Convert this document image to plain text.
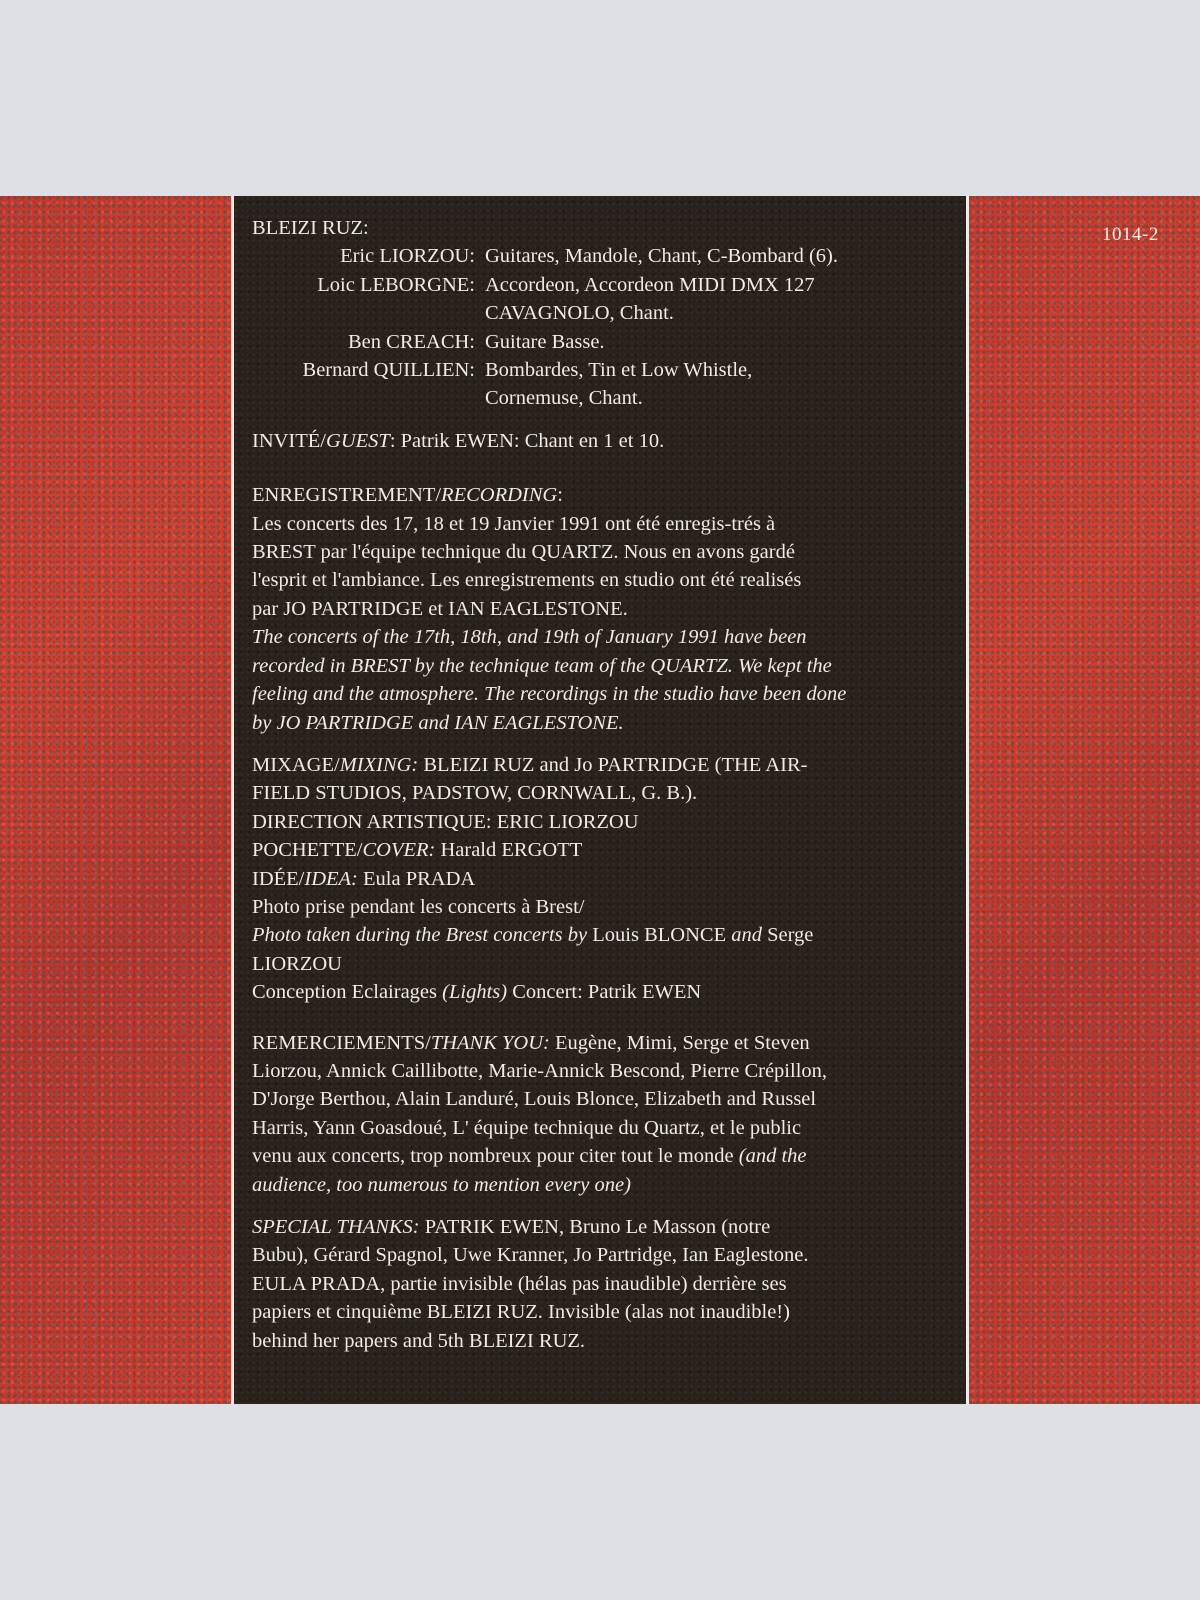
BLEIZI RUZ:

Eric LIORZOU: Guitares, Mandole, Chant, C-Bombard (6).
Loic LEBORGNE: Accordeon, Accordeon MIDI DMX 127
CAVAGNOLO, Chant.
Ben CREACH: Guitare Basse.
Bernard QUILLIEN: Bombardes, Tin et Low Whistle,
Cornemuse, Chant.

INVITÉ/GUEST: Patrik EWEN: Chant en 1 et 10.

ENREGISTREMENT/RECORDING:

Les concerts des 17, 18 et 19 Janvier 1991 ont été enregis-trés à

BREST par l'équipe technique du QUARTZ. Nous en avons gardé

l'esprit et l'ambiance. Les enregistrements en studio ont été realisés

par JO PARTRIDGE et IAN EAGLESTONE.

The concerts of the 17th, 18th, and 19th of January 1991 have been

recorded in BREST by the technique team of the QUARTZ. We kept the

feeling and the atmosphere. The recordings in the studio have been done

by JO PARTRIDGE and IAN EAGLESTONE.

MIXAGE/MIXING: BLEIZI RUZ and Jo PARTRIDGE (THE AIR-

FIELD STUDIOS, PADSTOW, CORNWALL, G. B.).

DIRECTION ARTISTIQUE: ERIC LIORZOU

POCHETTE/COVER: Harald ERGOTT

IDÉE/IDEA: Eula PRADA

Photo prise pendant les concerts à Brest/

Photo taken during the Brest concerts by Louis BLONCE and Serge

LIORZOU

Conception Eclairages (Lights) Concert: Patrik EWEN

REMERCIEMENTS/THANK YOU: Eugène, Mimi, Serge et Steven

Liorzou, Annick Caillibotte, Marie-Annick Bescond, Pierre Crépillon,

D'Jorge Berthou, Alain Landuré, Louis Blonce, Elizabeth and Russel

Harris, Yann Goasdoué, L' équipe technique du Quartz, et le public

venu aux concerts, trop nombreux pour citer tout le monde (and the

audience, too numerous to mention every one)

SPECIAL THANKS: PATRIK EWEN, Bruno Le Masson (notre

Bubu), Gérard Spagnol, Uwe Kranner, Jo Partridge, Ian Eaglestone.

EULA PRADA, partie invisible (hélas pas inaudible) derrière ses

papiers et cinquième BLEIZI RUZ. Invisible (alas not inaudible!)

behind her papers and 5th BLEIZI RUZ.

1014-2
